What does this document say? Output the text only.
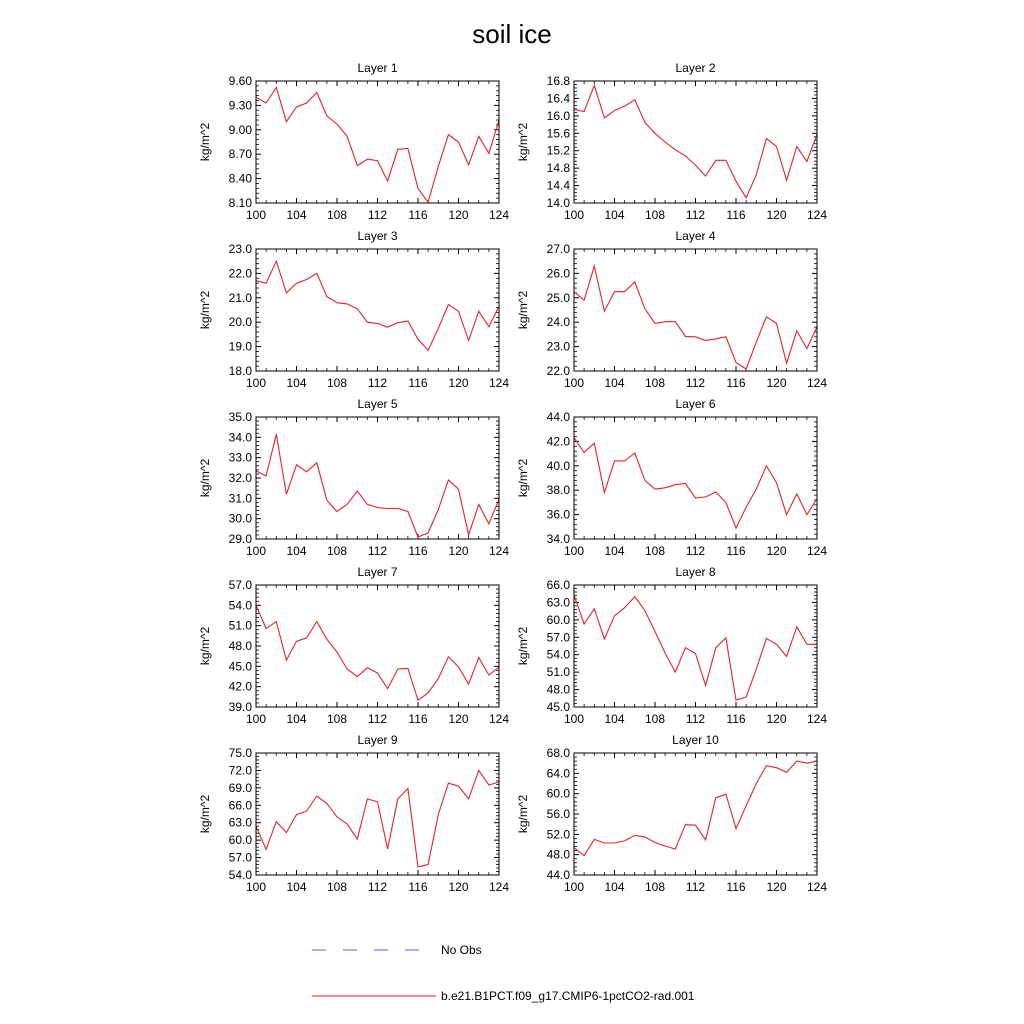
soil ice
Layer 1
kg/m^2
8.10
8.40
8.70
9.00
9.30
9.60
100 104 108 112 116 120 124
Layer 2
kg/m^2
14.0
14.4
14.8
15.2
15.6
16.0
16.4
16.8
100 104 108 112 116 120 124
Layer 3
kg/m^2
18.0
19.0
20.0
21.0
22.0
23.0
100 104 108 112 116 120 124
Layer 4
kg/m^2
22.0
23.0
24.0
25.0
26.0
27.0
100 104 108 112 116 120 124
Layer 5
kg/m^2
29.0
30.0
31.0
32.0
33.0
34.0
35.0
100 104 108 112 116 120 124
Layer 6
kg/m^2
34.0
36.0
38.0
40.0
42.0
44.0
100 104 108 112 116 120 124
Layer 7
kg/m^2
39.0
42.0
45.0
48.0
51.0
54.0
57.0
100 104 108 112 116 120 124
Layer 8
kg/m^2
45.0
48.0
51.0
54.0
57.0
60.0
63.0
66.0
100 104 108 112 116 120 124
Layer 9
kg/m^2
54.0
57.0
60.0
63.0
66.0
69.0
72.0
75.0
100 104 108 112 116 120 124
Layer 10
kg/m^2
44.0
48.0
52.0
56.0
60.0
64.0
68.0
100 104 108 112 116 120 124
No Obs
b.e21.B1PCT.f09_g17.CMIP6-1pctCO2-rad.001
